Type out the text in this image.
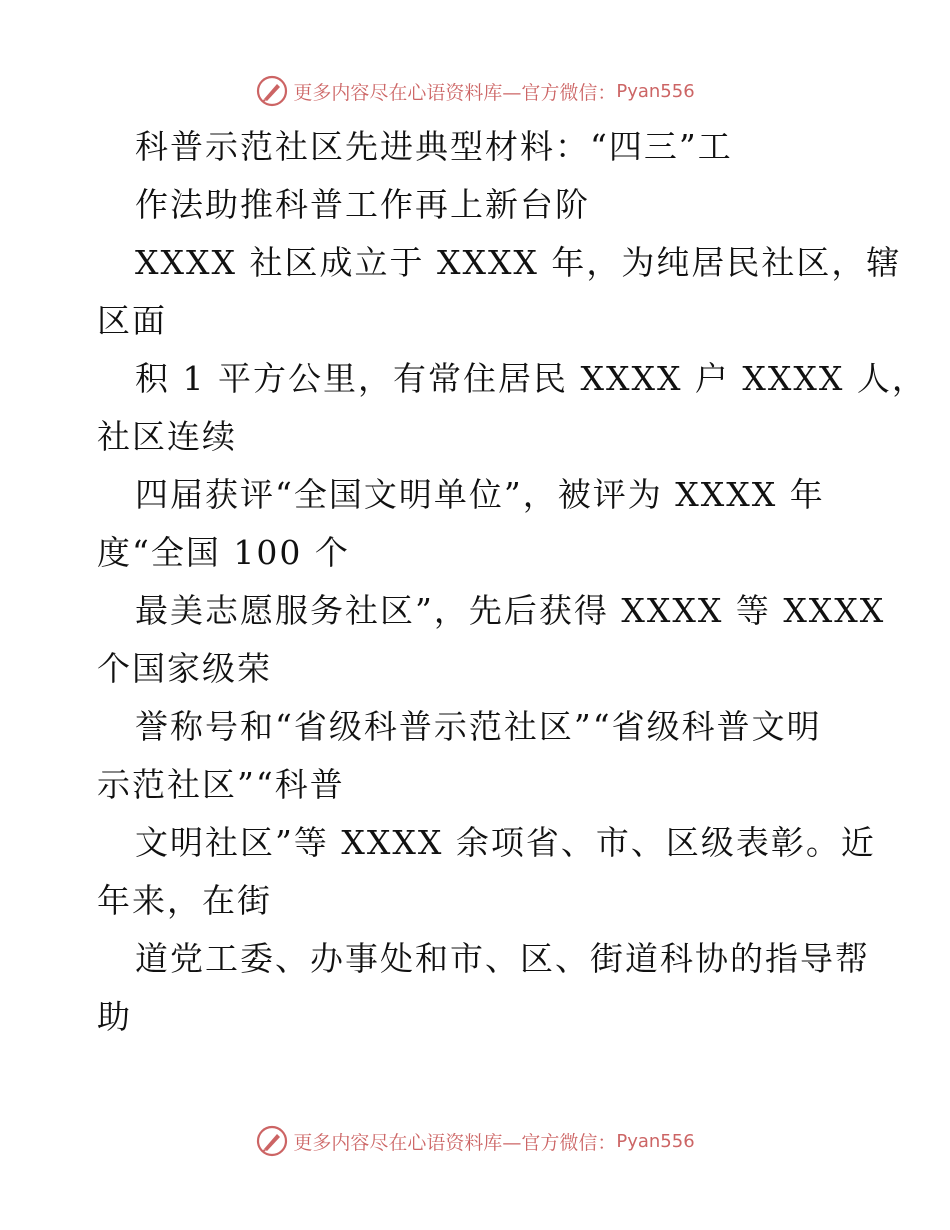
更多内容尽在心语资料库—官方微信： Pyan556
科普示范社区先进典型材料：“四三”工
作法助推科普工作再上新台阶
XXXX 社区成立于 XXXX 年，为纯居民社区，辖
区面
积 1 平方公里，有常住居民 XXXX 户 XXXX 人，
社区连续
四届获评“全国文明单位”，被评为 XXXX 年
度“全国 100 个
最美志愿服务社区”，先后获得 XXXX 等 XXXX
个国家级荣
誉称号和“省级科普示范社区”“省级科普文明
示范社区”“科普
文明社区”等 XXXX 余项省、市、区级表彰。近
年来，在街
道党工委、办事处和市、区、街道科协的指导帮
助
更多内容尽在心语资料库—官方微信： Pyan556
